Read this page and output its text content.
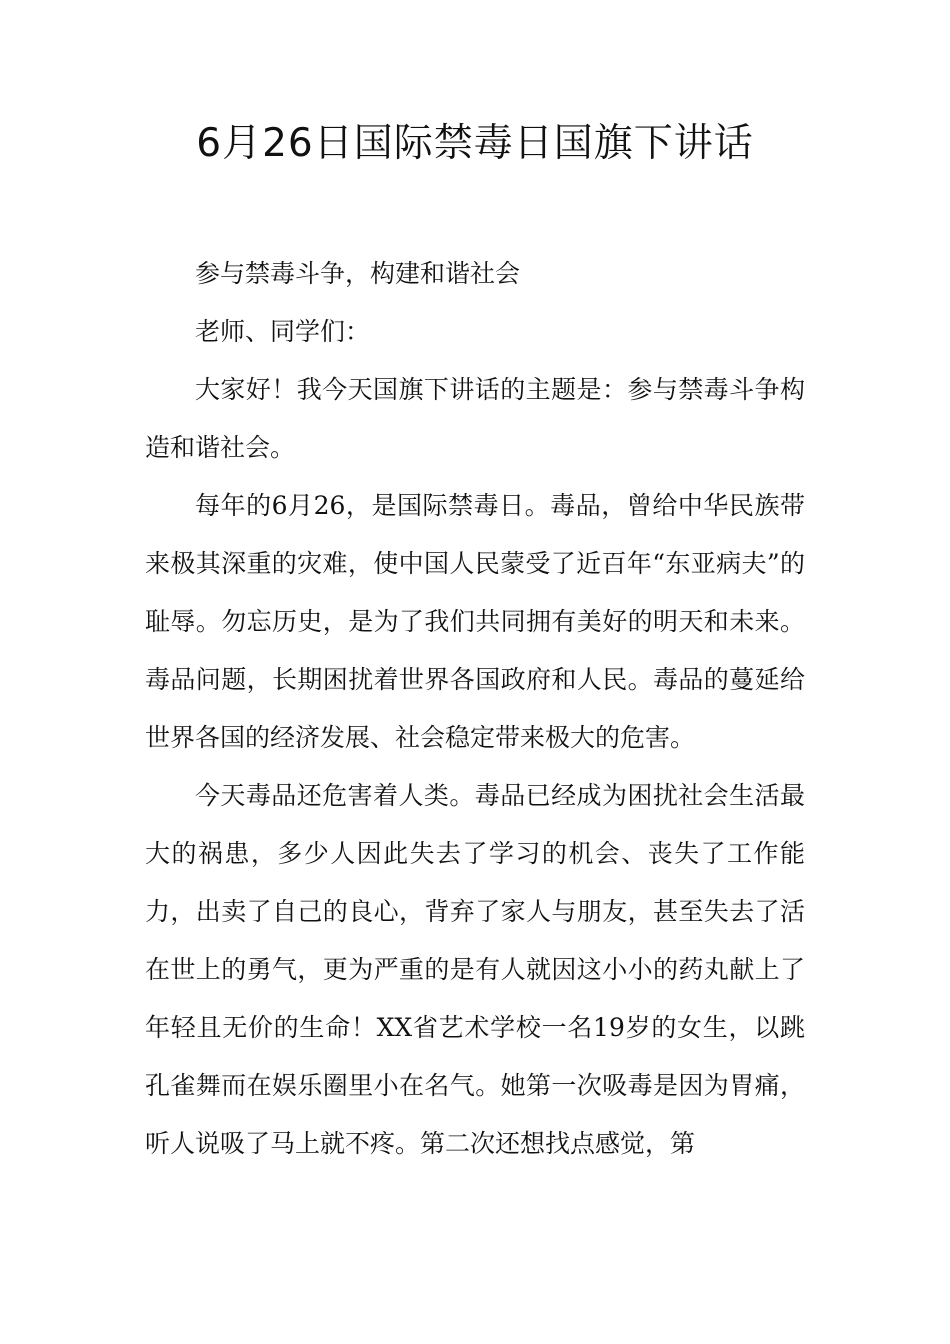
6月26日国际禁毒日国旗下讲话

参与禁毒斗争，构建和谐社会

老师、同学们：

大家好！我今天国旗下讲话的主题是：参与禁毒斗争构造和谐社会。

每年的6月26，是国际禁毒日。毒品，曾给中华民族带来极其深重的灾难，使中国人民蒙受了近百年“东亚病夫”的耻辱。勿忘历史，是为了我们共同拥有美好的明天和未来。毒品问题，长期困扰着世界各国政府和人民。毒品的蔓延给世界各国的经济发展、社会稳定带来极大的危害。

今天毒品还危害着人类。毒品已经成为困扰社会生活最大的祸患，多少人因此失去了学习的机会、丧失了工作能力，出卖了自己的良心，背弃了家人与朋友，甚至失去了活在世上的勇气，更为严重的是有人就因这小小的药丸献上了年轻且无价的生命！XX省艺术学校一名19岁的女生，以跳孔雀舞而在娱乐圈里小在名气。她第一次吸毒是因为胃痛，听人说吸了马上就不疼。第二次还想找点感觉，第
